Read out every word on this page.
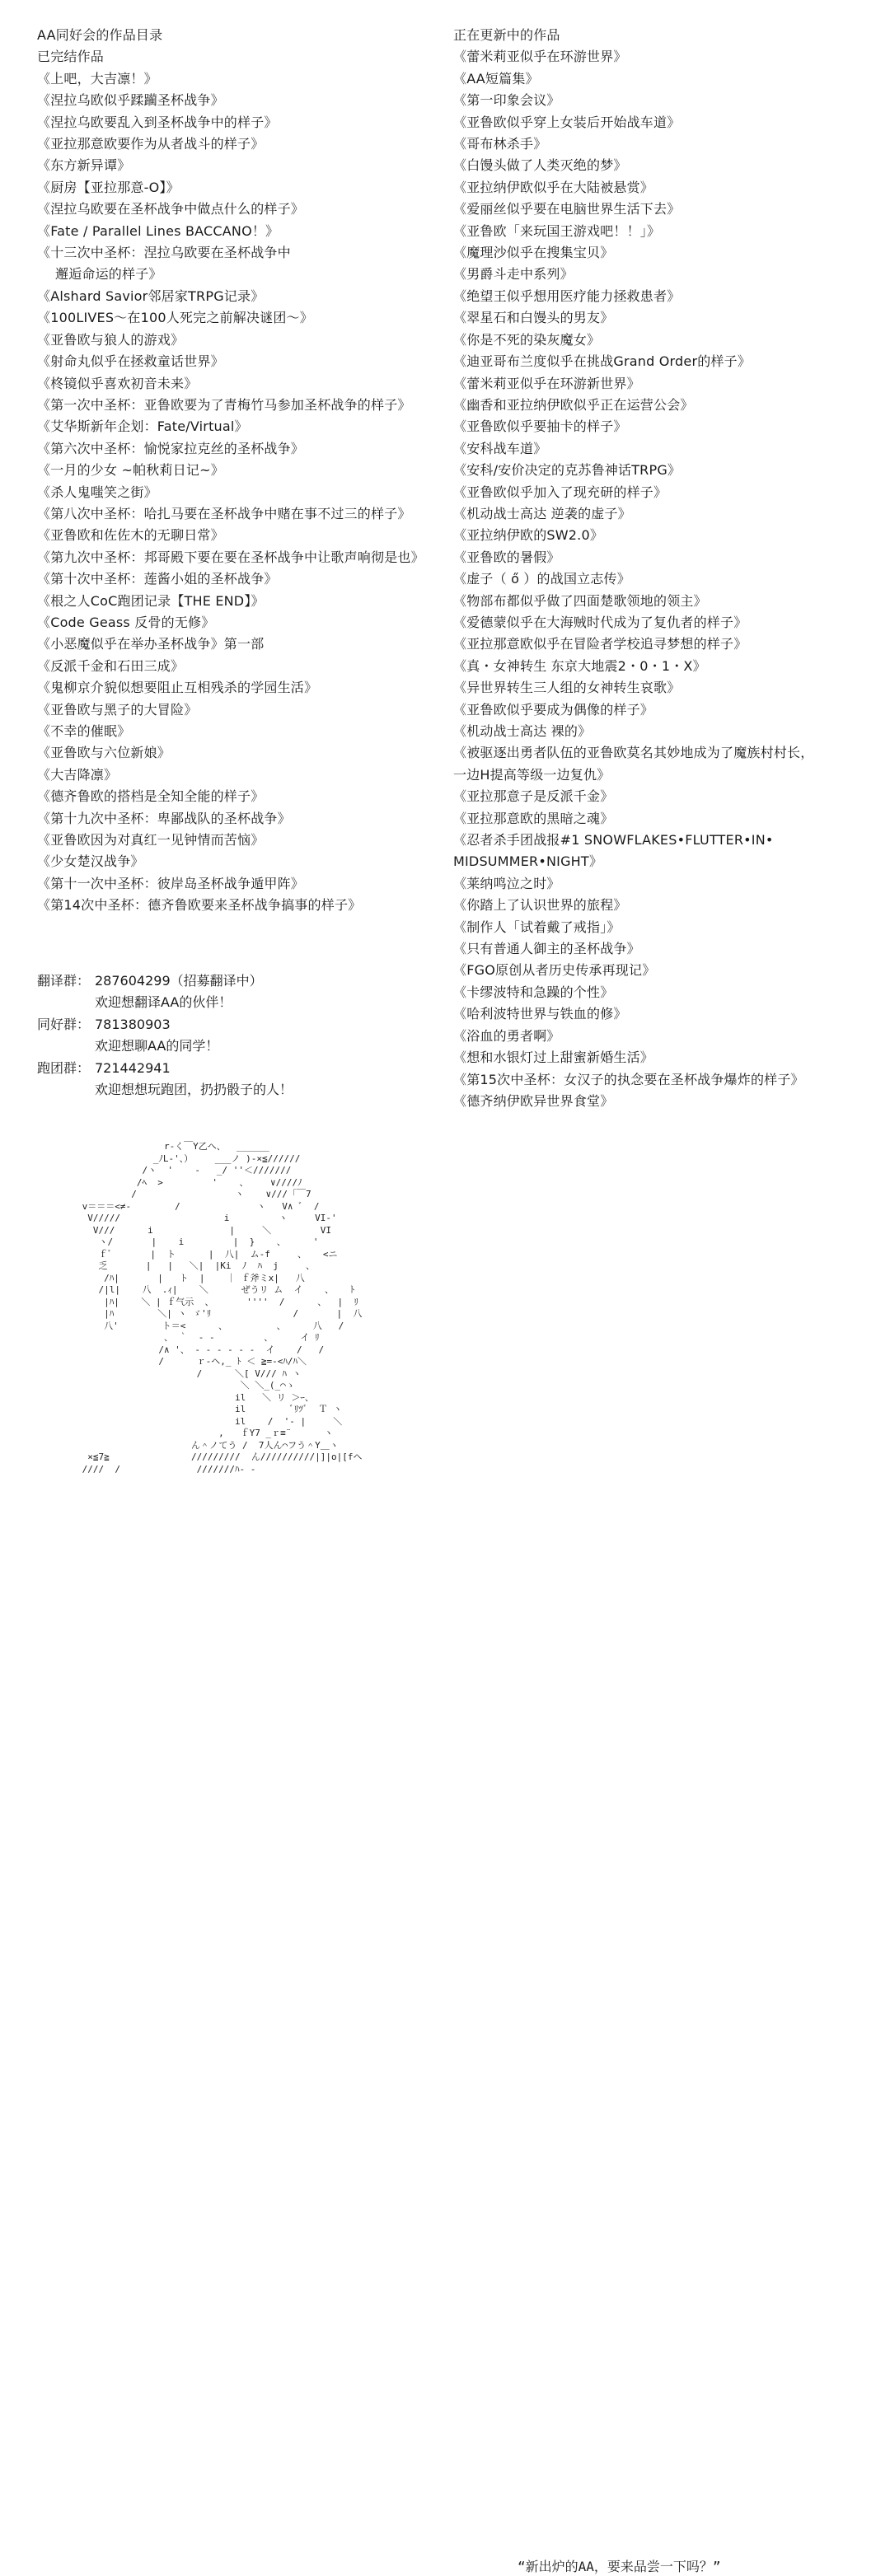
AA同好会的作品目录
已完结作品
《上吧，大吉凛！》
《涅拉乌欧似乎蹂躏圣杯战争》
《涅拉乌欧要乱入到圣杯战争中的样子》
《亚拉那意欧要作为从者战斗的样子》
《东方新异谭》
《厨房【亚拉那意-O】》
《涅拉乌欧要在圣杯战争中做点什么的样子》
《Fate / Parallel Lines BACCANO！》
《十三次中圣杯：涅拉乌欧要在圣杯战争中
邂逅命运的样子》
《Alshard Savior邻居家TRPG记录》
《100LIVES～在100人死完之前解决谜团～》
《亚鲁欧与狼人的游戏》
《射命丸似乎在拯救童话世界》
《柊镜似乎喜欢初音未来》
《第一次中圣杯：亚鲁欧要为了青梅竹马参加圣杯战争的样子》
《艾华斯新年企划：Fate/Virtual》
《第六次中圣杯：愉悦家拉克丝的圣杯战争》
《一月的少女 ~帕秋莉日记~》
《杀人鬼嗤笑之街》
《第八次中圣杯：哈扎马要在圣杯战争中赌在事不过三的样子》
《亚鲁欧和佐佐木的无聊日常》
《第九次中圣杯：邦哥殿下要在要在圣杯战争中让歌声响彻是也》
《第十次中圣杯：莲酱小姐的圣杯战争》
《根之人CoC跑团记录【THE END】》
《Code Geass 反骨的无修》
《小恶魔似乎在举办圣杯战争》第一部
《反派千金和石田三成》
《鬼柳京介貌似想要阻止互相残杀的学园生活》
《亚鲁欧与黑子的大冒险》
《不幸的催眠》
《亚鲁欧与六位新娘》
《大吉降凛》
《德齐鲁欧的搭档是全知全能的样子》
《第十九次中圣杯：卑鄙战队的圣杯战争》
《亚鲁欧因为对真红一见钟情而苦恼》
《少女楚汉战争》
《第十一次中圣杯：彼岸岛圣杯战争遁甲阵》
《第14次中圣杯：德齐鲁欧要来圣杯战争搞事的样子》
正在更新中的作品
《蕾米莉亚似乎在环游世界》
《AA短篇集》
《第一印象会议》
《亚鲁欧似乎穿上女装后开始战车道》
《哥布林杀手》
《白馒头做了人类灭绝的梦》
《亚拉纳伊欧似乎在大陆被悬赏》
《爱丽丝似乎要在电脑世界生活下去》
《亚鲁欧「来玩国王游戏吧！！」》
《魔理沙似乎在搜集宝贝》
《男爵斗走中系列》
《绝望王似乎想用医疗能力拯救患者》
《翠星石和白馒头的男友》
《你是不死的染灰魔女》
《迪亚哥布兰度似乎在挑战Grand Order的样子》
《蕾米莉亚似乎在环游新世界》
《幽香和亚拉纳伊欧似乎正在运营公会》
《亚鲁欧似乎要抽卡的样子》
《安科战车道》
《安科/安价决定的克苏鲁神话TRPG》
《亚鲁欧似乎加入了现充研的样子》
《机动战士高达 逆袭的虚子》
《亚拉纳伊欧的SW2.0》
《亚鲁欧的暑假》
《虚子（ ő ）的战国立志传》
《物部布都似乎做了四面楚歌领地的领主》
《爱德蒙似乎在大海贼时代成为了复仇者的样子》
《亚拉那意欧似乎在冒险者学校追寻梦想的样子》
《真・女神转生 东京大地震2・0・1・X》
《异世界转生三人组的女神转生哀歌》
《亚鲁欧似乎要成为偶像的样子》
《机动战士高达 裸的》
《被驱逐出勇者队伍的亚鲁欧莫名其妙地成为了魔族村村长，
一边H提高等级一边复仇》
《亚拉那意子是反派千金》
《亚拉那意欧的黑暗之魂》
《忍者杀手团战报#1 SNOWFLAKES•FLUTTER•IN•
MIDSUMMER•NIGHT》
《莱纳鸣泣之时》
《你踏上了认识世界的旅程》
《制作人「试着戴了戒指」》
《只有普通人御主的圣杯战争》
《FGO原创从者历史传承再现记》
《卡缪波特和急躁的个性》
《哈利波特世界与铁血的修》
《浴血的勇者啊》
《想和水银灯过上甜蜜新婚生活》
《第15次中圣杯：女汉子的执念要在圣杯战争爆炸的样子》
《德齐纳伊欧异世界食堂》
翻译群： 287604299（招募翻译中）
欢迎想翻译AA的伙伴！
同好群： 781380903
欢迎想聊AA的同学！
跑团群： 721442941
欢迎想想玩跑团，扔扔骰子的人！
r‐く￣Y乙ヘ、  ______
_ﾉL-'、）    ___ノ )‐×≦//////
/ヽ  '    ‐   _/ ''＜///////
/ﾍ  >         '    、    ∨////ﾉ
/                  ヽ    ∨///「￣7
v＝＝＝<≠-        /              ヽ   V∧ ﾞ  /
V/////                   i         ヽ     VI‐'
V///      i              |     ＼         VI
ヽ/       |    i         |  }    、     '
ｆﾞ       |  ト      |  八|  ム-f     、   <ニ
乏       |   |   ＼|  |Ki  ﾉ  ﾊ  j     、
/ﾊ|       |   ト  |    ｜ ｆ斧ミx|   八
/|l|    八  .ｨ|    ＼      ぜうリ ム  イ    、   ﾄ
|ﾊ|    ＼ | ｆ气示  、      ''''  /      、  |  ﾘ
|ﾊ        ＼| ヽ ゞ'ﾘ               /       |  八
八'        ト＝<      、         、     八   /
、 ｀  ‐ ‐         、     イ ﾘ
/∧ '、 ‐ ‐ ‐ ‐ ‐ ‐  イ    /   /
/      ｒ‐ヘ,_ ﾄ ＜ ≧=‐<ﾊ/ﾊ＼
/      ＼[ V/// ﾊ ヽ
＼ ＼_(_⌒ゝ
il   ＼ リ ＞ｰ、
il        ﾞﾘﾂﾞ  Ｔ ヽ
il    /  '‐ |     ＼
,   ｆY7 _ｒ≡¨      ヽ
ん＾ノてう /  7人ん⌒フう＾Y＿ヽ
×≦7≧               /////////  ん//////////|]|o|[fヘ
////  /              ///////ﾊ‐ ‐

“新出炉的AA，要来品尝一下吗？”
